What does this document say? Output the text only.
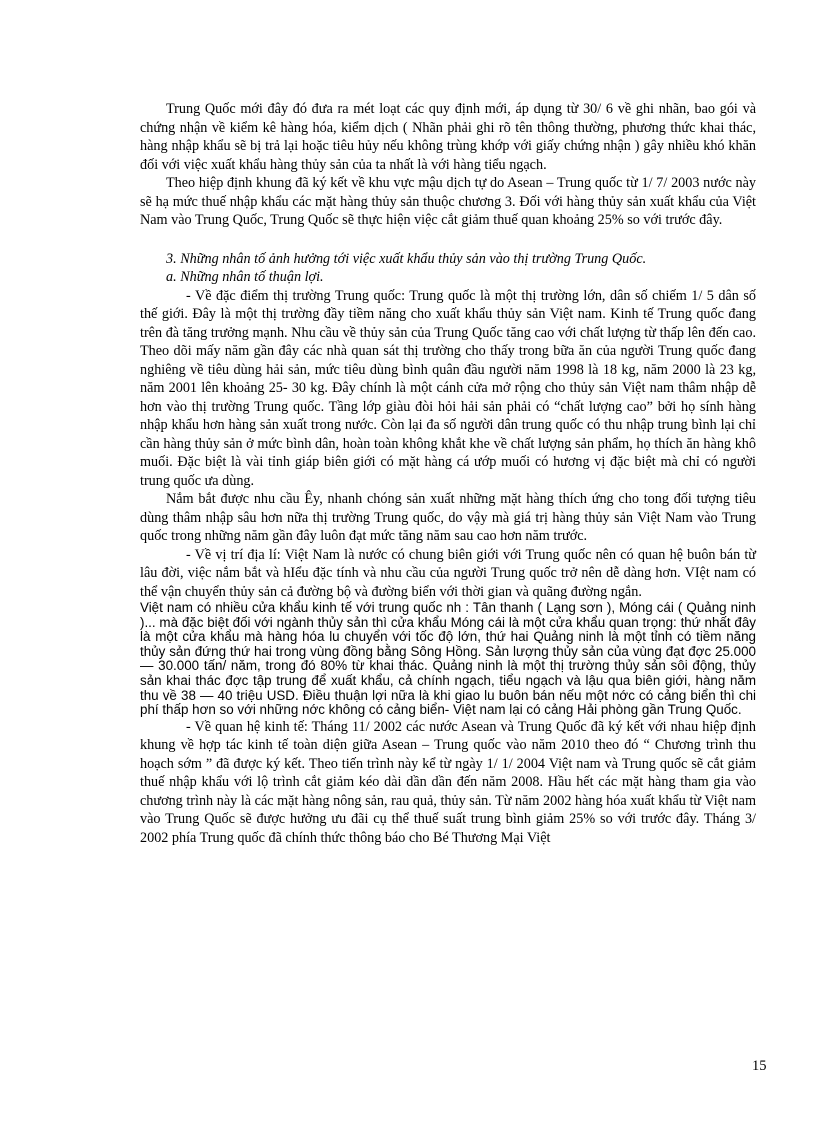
Trung Quốc mới đây đó đưa ra mét loạt các quy định mới, áp dụng từ 30/ 6 về ghi nhãn, bao gói và chứng nhận về kiểm kê hàng hóa, kiểm dịch ( Nhãn phải ghi rõ tên thông thường, phương thức khai thác, hàng nhập khẩu sẽ bị trả lại hoặc tiêu hủy nếu không trùng khớp với giấy chứng nhận ) gây nhiều khó khăn đối với việc xuất khẩu hàng thủy sản của ta nhất là với hàng tiểu ngạch.

Theo hiệp định khung đã ký kết về khu vực mậu dịch tự do Asean – Trung quốc từ 1/ 7/ 2003 nước này sẽ hạ mức thuế nhập khẩu các mặt hàng thủy sản thuộc chương 3. Đối với hàng thủy sản xuất khẩu của Việt Nam vào Trung Quốc, Trung Quốc sẽ thực hiện việc cắt giảm thuế quan khoảng 25% so với trước đây.

3. Những nhân tố ảnh hưởng tới việc xuất khẩu thủy sản vào thị trường Trung Quốc.

a. Những nhân tố thuận lợi.

- Về đặc điểm thị trường Trung quốc: Trung quốc là một thị trường lớn, dân số chiếm 1/ 5 dân số thế giới. Đây là một thị trường đầy tiềm năng cho xuất khẩu thủy sản Việt nam. Kinh tế Trung quốc đang trên đà tăng trưởng mạnh. Nhu cầu về thủy sản của Trung Quốc tăng cao với chất lượng từ thấp lên đến cao. Theo dõi mấy năm gần đây các nhà quan sát thị trường cho thấy trong bữa ăn của người Trung quốc đang nghiêng về tiêu dùng hải sản, mức tiêu dùng bình quân đầu người năm 1998 là 18 kg, năm 2000 là 23 kg, năm 2001 lên khoảng 25- 30 kg. Đây chính là một cánh cửa mở rộng cho thủy sản Việt nam thâm nhập dễ hơn vào thị trường Trung quốc. Tầng lớp giàu đòi hỏi hải sản phải có “chất lượng cao” bởi họ sính hàng nhập khẩu hơn hàng sản xuất trong nước. Còn lại đa số người dân trung quốc có thu nhập trung bình lại chỉ cần hàng thủy sản ở mức bình dân, hoàn toàn không khắt khe về chất lượng sản phẩm, họ thích ăn hàng khô muối. Đặc biệt là vài tỉnh giáp biên giới có mặt hàng cá ướp muối có hương vị đặc biệt mà chỉ có người trung quốc ưa dùng.

Nắm bắt được nhu cầu Êy, nhanh chóng sản xuất những mặt hàng thích ứng cho tong đối tượng tiêu dùng thâm nhập sâu hơn nữa thị trường Trung quốc, do vậy mà giá trị hàng thủy sản Việt Nam vào Trung quốc trong những năm gần đây luôn đạt mức tăng năm sau cao hơn năm trước.

- Về vị trí địa lí: Việt Nam là nước có chung biên giới với Trung quốc nên có quan hệ buôn bán từ lâu đời, việc nắm bắt và hIểu đặc tính và nhu cầu của người Trung quốc trở nên dễ dàng hơn. VIệt nam có thể vận chuyển thủy sản cả đường bộ và đường biển với thời gian và quãng đường ngắn.

Việt nam có nhiều cửa khẩu kinh tế với trung quốc nh : Tân thanh ( Lạng sơn ), Móng cái ( Quảng ninh )... mà đặc biệt đối với ngành thủy sản thì cửa khẩu Móng cái là một cửa khẩu quan trọng: thứ nhất đây là một cửa khẩu mà hàng hóa lu chuyển với tốc độ lớn, thứ hai Quảng ninh là một tỉnh có tiềm năng thủy sản đứng thứ hai trong vùng đồng bằng Sông Hồng. Sản lượng thủy sản của vùng đạt đợc 25.000 — 30.000 tấn/ năm, trong đó 80% từ khai thác. Quảng ninh là một thị trường thủy sản sôi động, thủy sản khai thác đợc tập trung để xuất khẩu, cả chính ngạch, tiểu ngạch và lậu qua biên giới, hàng năm thu về 38 — 40 triệu USD. Điều thuận lợi nữa là khi giao lu buôn bán nếu một nớc có cảng biển thì chi phí thấp hơn so với những nớc không có cảng biển- Việt nam lại có cảng Hải phòng gần Trung Quốc.

- Về quan hệ kinh tế: Tháng 11/ 2002 các nước Asean và Trung Quốc đã ký kết với nhau hiệp định khung về hợp tác kinh tế toàn diện giữa Asean – Trung quốc vào năm 2010 theo đó “ Chương trình thu hoạch sớm ” đã được ký kết. Theo tiến trình này kể từ ngày 1/ 1/ 2004 Việt nam và Trung quốc sẽ cắt giảm thuế nhập khẩu với lộ trình cắt giảm kéo dài dần dần đến năm 2008. Hầu hết các mặt hàng tham gia vào chương trình này là các mặt hàng nông sản, rau quả, thủy sản. Từ năm 2002 hàng hóa xuất khẩu từ Việt nam vào Trung Quốc sẽ được hưởng ưu đãi cụ thể thuế suất trung bình giảm 25% so với trước đây. Tháng 3/ 2002 phía Trung quốc đã chính thức thông báo cho Bé Thương Mại Việt

15
